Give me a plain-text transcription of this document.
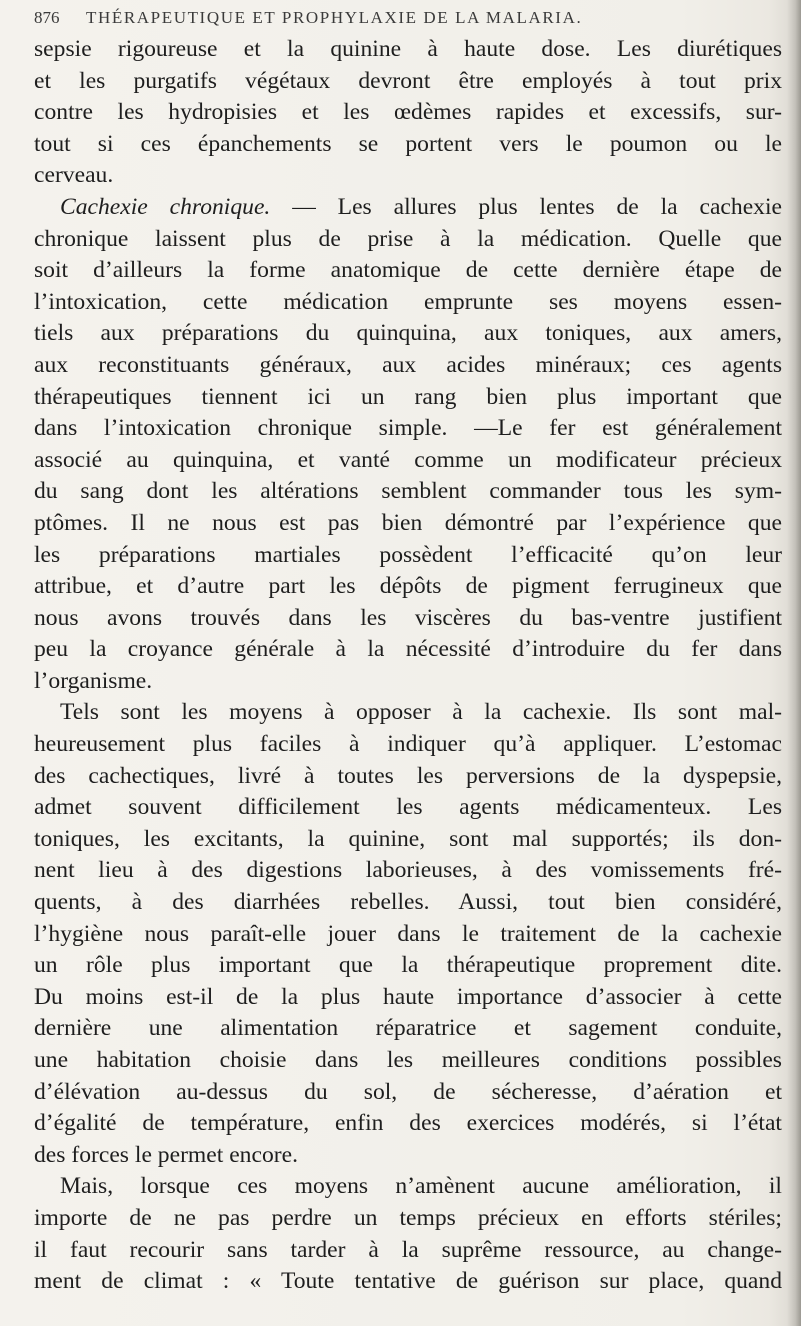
876 THÉRAPEUTIQUE ET PROPHYLAXIE DE LA MALARIA.
sepsie rigoureuse et la quinine à haute dose. Les diurétiques
et les purgatifs végétaux devront être employés à tout prix
contre les hydropisies et les œdèmes rapides et excessifs, sur-
tout si ces épanchements se portent vers le poumon ou le
cerveau.
Cachexie chronique. — Les allures plus lentes de la cachexie
chronique laissent plus de prise à la médication. Quelle que
soit d’ailleurs la forme anatomique de cette dernière étape de
l’intoxication, cette médication emprunte ses moyens essen-
tiels aux préparations du quinquina, aux toniques, aux amers,
aux reconstituants généraux, aux acides minéraux; ces agents
thérapeutiques tiennent ici un rang bien plus important que
dans l’intoxication chronique simple. —Le fer est généralement
associé au quinquina, et vanté comme un modificateur précieux
du sang dont les altérations semblent commander tous les sym-
ptômes. Il ne nous est pas bien démontré par l’expérience que
les préparations martiales possèdent l’efficacité qu’on leur
attribue, et d’autre part les dépôts de pigment ferrugineux que
nous avons trouvés dans les viscères du bas-ventre justifient
peu la croyance générale à la nécessité d’introduire du fer dans
l’organisme.
Tels sont les moyens à opposer à la cachexie. Ils sont mal-
heureusement plus faciles à indiquer qu’à appliquer. L’estomac
des cachectiques, livré à toutes les perversions de la dyspepsie,
admet souvent difficilement les agents médicamenteux. Les
toniques, les excitants, la quinine, sont mal supportés; ils don-
nent lieu à des digestions laborieuses, à des vomissements fré-
quents, à des diarrhées rebelles. Aussi, tout bien considéré,
l’hygiène nous paraît-elle jouer dans le traitement de la cachexie
un rôle plus important que la thérapeutique proprement dite.
Du moins est-il de la plus haute importance d’associer à cette
dernière une alimentation réparatrice et sagement conduite,
une habitation choisie dans les meilleures conditions possibles
d’élévation au-dessus du sol, de sécheresse, d’aération et
d’égalité de température, enfin des exercices modérés, si l’état
des forces le permet encore.
Mais, lorsque ces moyens n’amènent aucune amélioration, il
importe de ne pas perdre un temps précieux en efforts stériles;
il faut recourir sans tarder à la suprême ressource, au change-
ment de climat : « Toute tentative de guérison sur place, quand
